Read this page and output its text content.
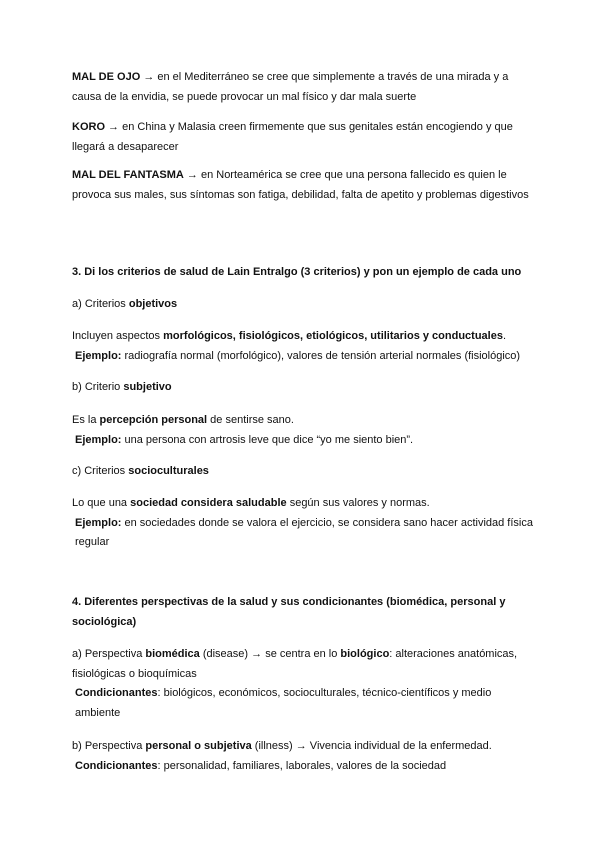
MAL DE OJO → en el Mediterráneo se cree que simplemente a través de una mirada y a causa de la envidia, se puede provocar un mal físico y dar mala suerte
KORO → en China y Malasia creen firmemente que sus genitales están encogiendo y que llegará a desaparecer
MAL DEL FANTASMA → en Norteamérica se cree que una persona fallecido es quien le provoca sus males, sus síntomas son fatiga, debilidad, falta de apetito y problemas digestivos
3. Di los criterios de salud de Lain Entralgo (3 criterios) y pon un ejemplo de cada uno
a) Criterios objetivos
Incluyen aspectos morfológicos, fisiológicos, etiológicos, utilitarios y conductuales.
Ejemplo: radiografía normal (morfológico), valores de tensión arterial normales (fisiológico)
b) Criterio subjetivo
Es la percepción personal de sentirse sano.
Ejemplo: una persona con artrosis leve que dice “yo me siento bien”.
c) Criterios socioculturales
Lo que una sociedad considera saludable según sus valores y normas.
Ejemplo: en sociedades donde se valora el ejercicio, se considera sano hacer actividad física regular
4. Diferentes perspectivas de la salud y sus condicionantes (biomédica, personal y sociológica)
a) Perspectiva biomédica (disease) → se centra en lo biológico: alteraciones anatómicas, fisiológicas o bioquímicas
Condicionantes: biológicos, económicos, socioculturales, técnico-científicos y medio ambiente
b) Perspectiva personal o subjetiva (illness) → Vivencia individual de la enfermedad.
Condicionantes: personalidad, familiares, laborales, valores de la sociedad
